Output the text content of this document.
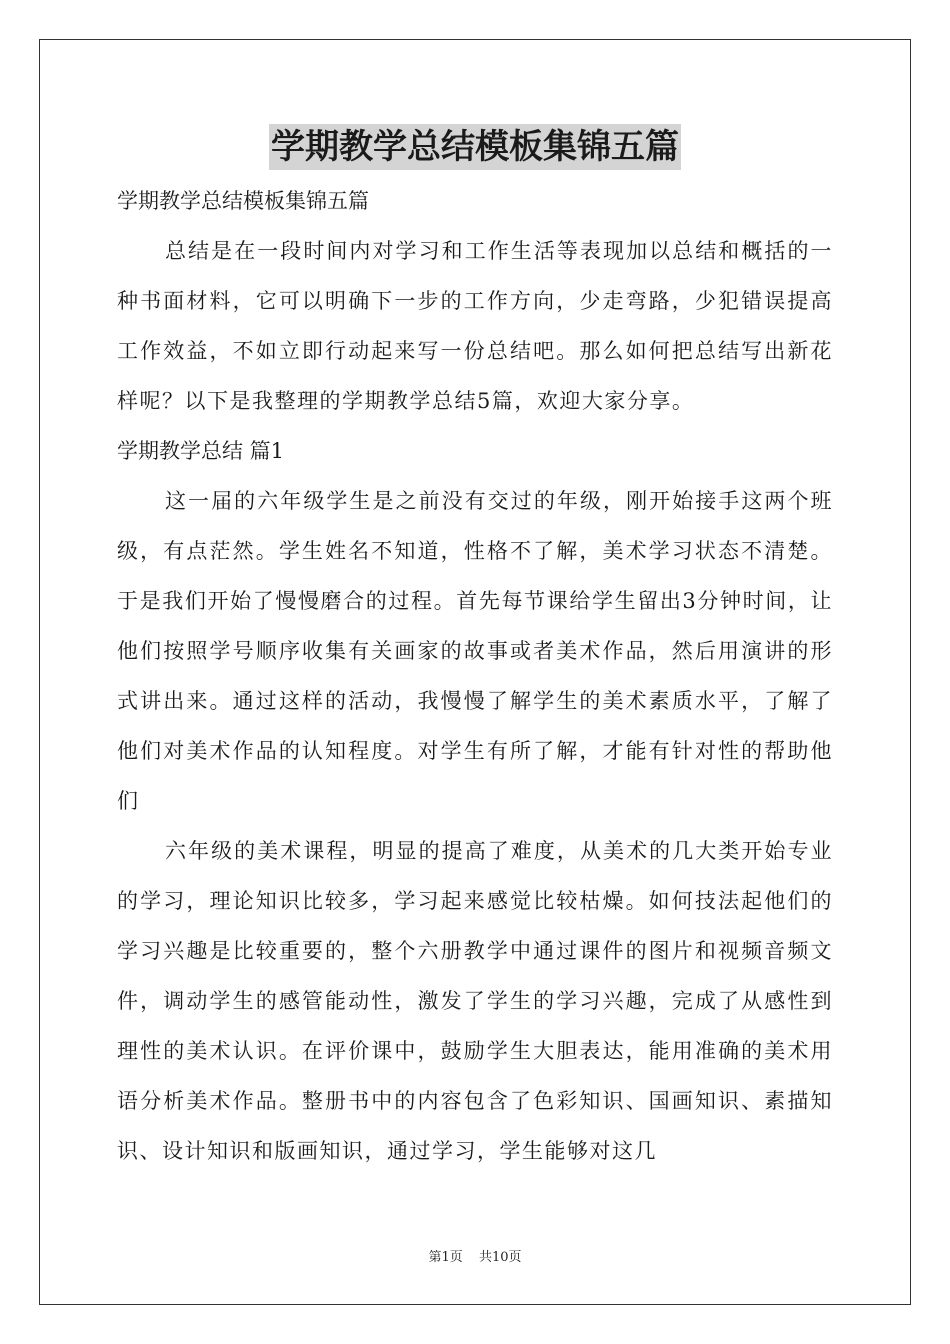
学期教学总结模板集锦五篇

学期教学总结模板集锦五篇

总结是在一段时间内对学习和工作生活等表现加以总结和概括的一种书面材料，它可以明确下一步的工作方向，少走弯路，少犯错误提高工作效益，不如立即行动起来写一份总结吧。那么如何把总结写出新花样呢？以下是我整理的学期教学总结5篇，欢迎大家分享。

学期教学总结 篇1

这一届的六年级学生是之前没有交过的年级，刚开始接手这两个班级，有点茫然。学生姓名不知道，性格不了解，美术学习状态不清楚。于是我们开始了慢慢磨合的过程。首先每节课给学生留出3分钟时间，让他们按照学号顺序收集有关画家的故事或者美术作品，然后用演讲的形式讲出来。通过这样的活动，我慢慢了解学生的美术素质水平，了解了他们对美术作品的认知程度。对学生有所了解，才能有针对性的帮助他们

六年级的美术课程，明显的提高了难度，从美术的几大类开始专业的学习，理论知识比较多，学习起来感觉比较枯燥。如何技法起他们的学习兴趣是比较重要的，整个六册教学中通过课件的图片和视频音频文件，调动学生的感管能动性，激发了学生的学习兴趣，完成了从感性到理性的美术认识。在评价课中，鼓励学生大胆表达，能用准确的美术用语分析美术作品。整册书中的内容包含了色彩知识、国画知识、素描知识、设计知识和版画知识，通过学习，学生能够对这几

第1页 共10页
